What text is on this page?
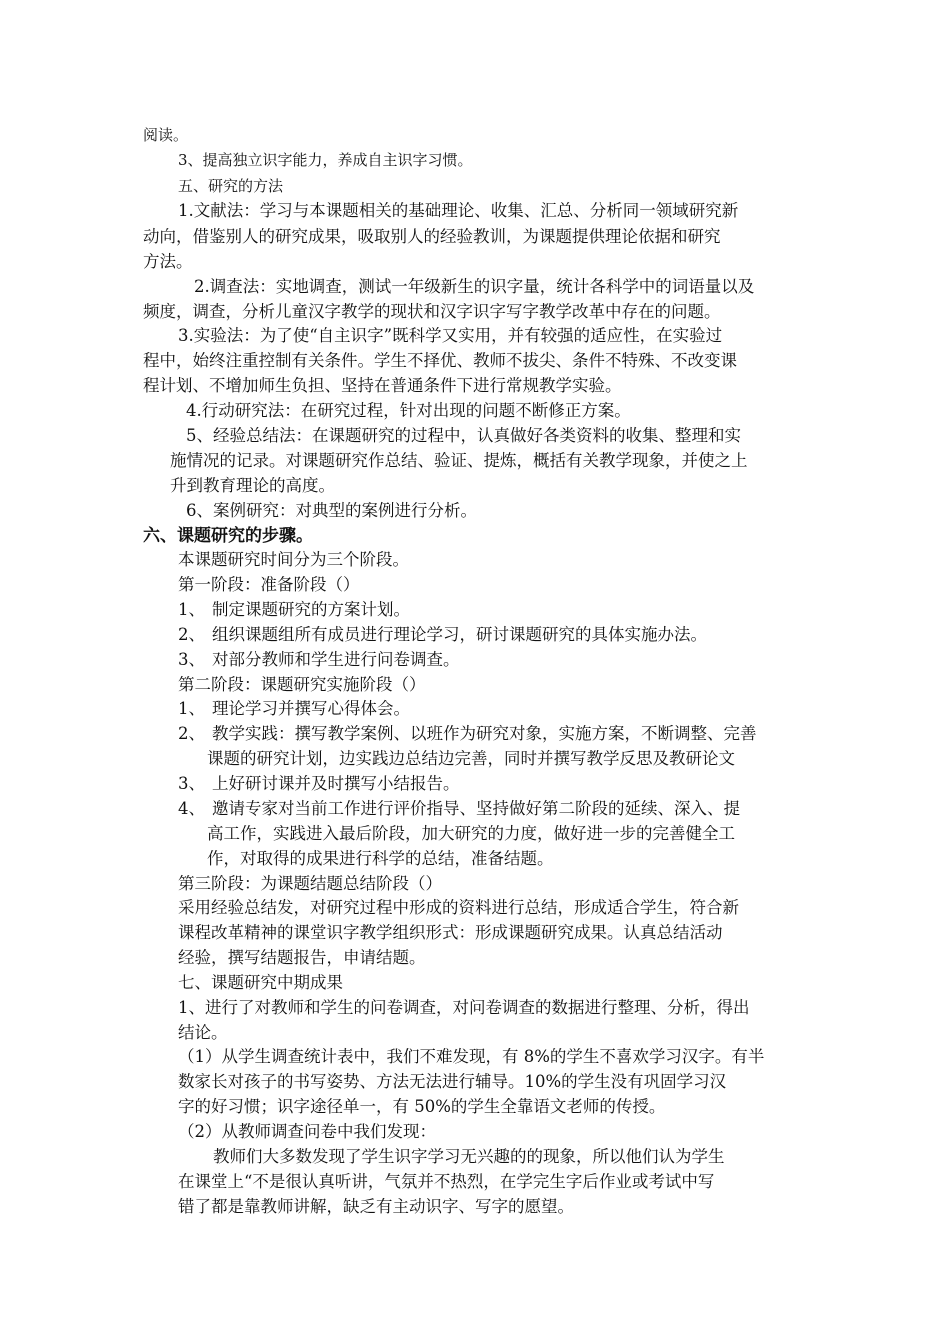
阅读。
3、提高独立识字能力，养成自主识字习惯。
五、研究的方法
1.文献法：学习与本课题相关的基础理论、收集、汇总、分析同一领域研究新
动向，借鉴别人的研究成果，吸取别人的经验教训，为课题提供理论依据和研究
方法。
2.调查法：实地调查，测试一年级新生的识字量，统计各科学中的词语量以及
频度，调查，分析儿童汉字教学的现状和汉字识字写字教学改革中存在的问题。
3.实验法：为了使“自主识字”既科学又实用，并有较强的适应性，在实验过
程中，始终注重控制有关条件。学生不择优、教师不拔尖、条件不特殊、不改变课
程计划、不增加师生负担、坚持在普通条件下进行常规教学实验。
4.行动研究法：在研究过程，针对出现的问题不断修正方案。
5、经验总结法：在课题研究的过程中，认真做好各类资料的收集、整理和实
施情况的记录。对课题研究作总结、验证、提炼，概括有关教学现象，并使之上
升到教育理论的高度。
6、案例研究：对典型的案例进行分析。
六、课题研究的步骤。
本课题研究时间分为三个阶段。
第一阶段：准备阶段（）
1、 制定课题研究的方案计划。
2、 组织课题组所有成员进行理论学习，研讨课题研究的具体实施办法。
3、 对部分教师和学生进行问卷调查。
第二阶段：课题研究实施阶段（）
1、 理论学习并撰写心得体会。
2、 教学实践：撰写教学案例、以班作为研究对象，实施方案，不断调整、完善
课题的研究计划，边实践边总结边完善，同时并撰写教学反思及教研论文
3、 上好研讨课并及时撰写小结报告。
4、 邀请专家对当前工作进行评价指导、坚持做好第二阶段的延续、深入、提
高工作，实践进入最后阶段，加大研究的力度，做好进一步的完善健全工
作，对取得的成果进行科学的总结，准备结题。
第三阶段：为课题结题总结阶段（）
采用经验总结发，对研究过程中形成的资料进行总结，形成适合学生，符合新
课程改革精神的课堂识字教学组织形式：形成课题研究成果。认真总结活动
经验，撰写结题报告，申请结题。
七、课题研究中期成果
1、进行了对教师和学生的问卷调查，对问卷调查的数据进行整理、分析，得出
结论。
（1）从学生调查统计表中，我们不难发现，有 8%的学生不喜欢学习汉字。有半
数家长对孩子的书写姿势、方法无法进行辅导。10%的学生没有巩固学习汉
字的好习惯；识字途径单一，有 50%的学生全靠语文老师的传授。
（2）从教师调查问卷中我们发现：
教师们大多数发现了学生识字学习无兴趣的的现象，所以他们认为学生
在课堂上“不是很认真听讲，气氛并不热烈，在学完生字后作业或考试中写
错了都是靠教师讲解，缺乏有主动识字、写字的愿望。
